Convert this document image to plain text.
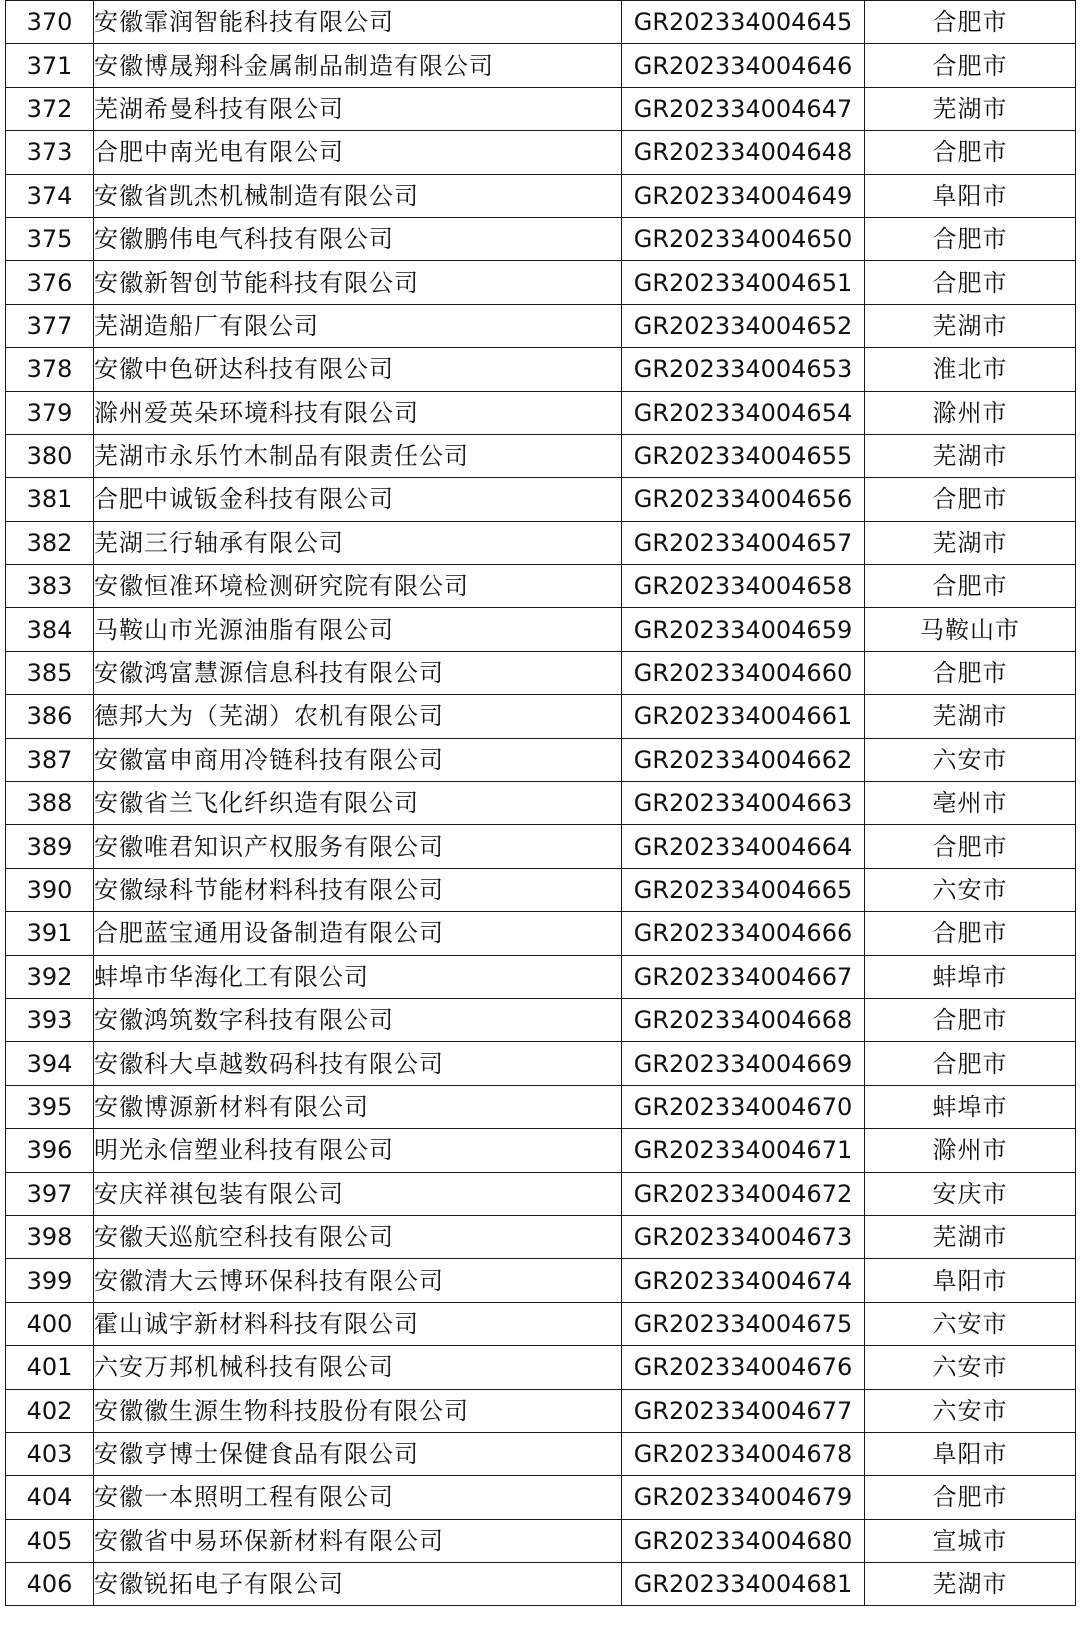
370	安徽霏润智能科技有限公司	GR202334004645	合肥市
371	安徽博晟翔科金属制品制造有限公司	GR202334004646	合肥市
372	芜湖希曼科技有限公司	GR202334004647	芜湖市
373	合肥中南光电有限公司	GR202334004648	合肥市
374	安徽省凯杰机械制造有限公司	GR202334004649	阜阳市
375	安徽鹏伟电气科技有限公司	GR202334004650	合肥市
376	安徽新智创节能科技有限公司	GR202334004651	合肥市
377	芜湖造船厂有限公司	GR202334004652	芜湖市
378	安徽中色研达科技有限公司	GR202334004653	淮北市
379	滁州爱英朵环境科技有限公司	GR202334004654	滁州市
380	芜湖市永乐竹木制品有限责任公司	GR202334004655	芜湖市
381	合肥中诚钣金科技有限公司	GR202334004656	合肥市
382	芜湖三行轴承有限公司	GR202334004657	芜湖市
383	安徽恒准环境检测研究院有限公司	GR202334004658	合肥市
384	马鞍山市光源油脂有限公司	GR202334004659	马鞍山市
385	安徽鸿富慧源信息科技有限公司	GR202334004660	合肥市
386	德邦大为（芜湖）农机有限公司	GR202334004661	芜湖市
387	安徽富申商用冷链科技有限公司	GR202334004662	六安市
388	安徽省兰飞化纤织造有限公司	GR202334004663	亳州市
389	安徽唯君知识产权服务有限公司	GR202334004664	合肥市
390	安徽绿科节能材料科技有限公司	GR202334004665	六安市
391	合肥蓝宝通用设备制造有限公司	GR202334004666	合肥市
392	蚌埠市华海化工有限公司	GR202334004667	蚌埠市
393	安徽鸿筑数字科技有限公司	GR202334004668	合肥市
394	安徽科大卓越数码科技有限公司	GR202334004669	合肥市
395	安徽博源新材料有限公司	GR202334004670	蚌埠市
396	明光永信塑业科技有限公司	GR202334004671	滁州市
397	安庆祥祺包装有限公司	GR202334004672	安庆市
398	安徽天巡航空科技有限公司	GR202334004673	芜湖市
399	安徽清大云博环保科技有限公司	GR202334004674	阜阳市
400	霍山诚宇新材料科技有限公司	GR202334004675	六安市
401	六安万邦机械科技有限公司	GR202334004676	六安市
402	安徽徽生源生物科技股份有限公司	GR202334004677	六安市
403	安徽亨博士保健食品有限公司	GR202334004678	阜阳市
404	安徽一本照明工程有限公司	GR202334004679	合肥市
405	安徽省中易环保新材料有限公司	GR202334004680	宣城市
406	安徽锐拓电子有限公司	GR202334004681	芜湖市
